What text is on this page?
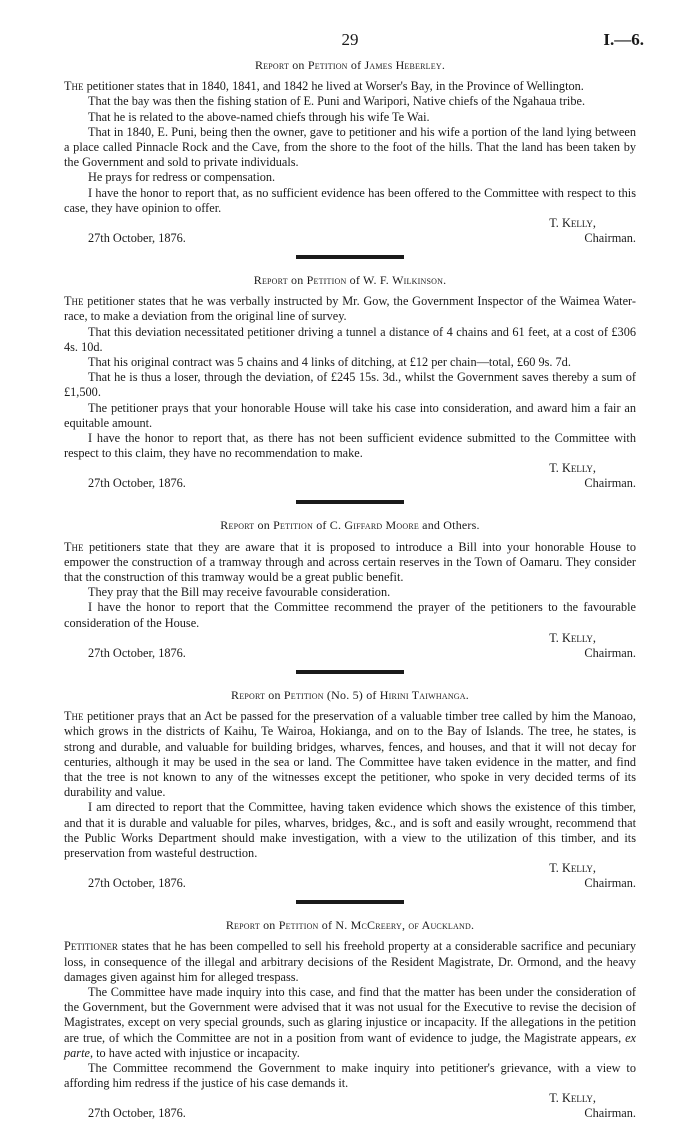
29	I.—6.
Report on Petition of James Heberley.

The petitioner states that in 1840, 1841, and 1842 he lived at Worser's Bay, in the Province of Wellington.

That the bay was then the fishing station of E. Puni and Waripori, Native chiefs of the Ngahaua tribe.

That he is related to the above-named chiefs through his wife Te Wai.

That in 1840, E. Puni, being then the owner, gave to petitioner and his wife a portion of the land lying between a place called Pinnacle Rock and the Cave, from the shore to the foot of the hills. That the land has been taken by the Government and sold to private individuals.

He prays for redress or compensation.

I have the honor to report that, as no sufficient evidence has been offered to the Committee with respect to this case, they have opinion to offer.

T. Kelly,
27th October, 1876.	Chairman.
Report on Petition of W. F. Wilkinson.

The petitioner states that he was verbally instructed by Mr. Gow, the Government Inspector of the Waimea Water-race, to make a deviation from the original line of survey.

That this deviation necessitated petitioner driving a tunnel a distance of 4 chains and 61 feet, at a cost of £306 4s. 10d.

That his original contract was 5 chains and 4 links of ditching, at £12 per chain—total, £60 9s. 7d.

That he is thus a loser, through the deviation, of £245 15s. 3d., whilst the Government saves thereby a sum of £1,500.

The petitioner prays that your honorable House will take his case into consideration, and award him a fair an equitable amount.

I have the honor to report that, as there has not been sufficient evidence submitted to the Committee with respect to this claim, they have no recommendation to make.

T. Kelly,
27th October, 1876.	Chairman.
Report on Petition of C. Giffard Moore and Others.

The petitioners state that they are aware that it is proposed to introduce a Bill into your honorable House to empower the construction of a tramway through and across certain reserves in the Town of Oamaru. They consider that the construction of this tramway would be a great public benefit.

They pray that the Bill may receive favourable consideration.

I have the honor to report that the Committee recommend the prayer of the petitioners to the favourable consideration of the House.

T. Kelly,
27th October, 1876.	Chairman.
Report on Petition (No. 5) of Hirini Taiwhanga.

The petitioner prays that an Act be passed for the preservation of a valuable timber tree called by him the Manoao, which grows in the districts of Kaihu, Te Wairoa, Hokianga, and on to the Bay of Islands. The tree, he states, is strong and durable, and valuable for building bridges, wharves, fences, and houses, and that it will not decay for centuries, although it may be used in the sea or land. The Committee have taken evidence in the matter, and find that the tree is not known to any of the witnesses except the petitioner, who spoke in very decided terms of its durability and value.

I am directed to report that the Committee, having taken evidence which shows the existence of this timber, and that it is durable and valuable for piles, wharves, bridges, &c., and is soft and easily wrought, recommend that the Public Works Department should make investigation, with a view to the utilization of this timber, and its preservation from wasteful destruction.

T. Kelly,
27th October, 1876.	Chairman.
Report on Petition of N. McCreery, of Auckland.

Petitioner states that he has been compelled to sell his freehold property at a considerable sacrifice and pecuniary loss, in consequence of the illegal and arbitrary decisions of the Resident Magistrate, Dr. Ormond, and the heavy damages given against him for alleged trespass.

The Committee have made inquiry into this case, and find that the matter has been under the consideration of the Government, but the Government were advised that it was not usual for the Executive to revise the decision of Magistrates, except on very special grounds, such as glaring injustice or incapacity. If the allegations in the petition are true, of which the Committee are not in a position from want of evidence to judge, the Magistrate appears, ex parte, to have acted with injustice or incapacity.

The Committee recommend the Government to make inquiry into petitioner's grievance, with a view to affording him redress if the justice of his case demands it.

T. Kelly,
27th October, 1876.	Chairman.
